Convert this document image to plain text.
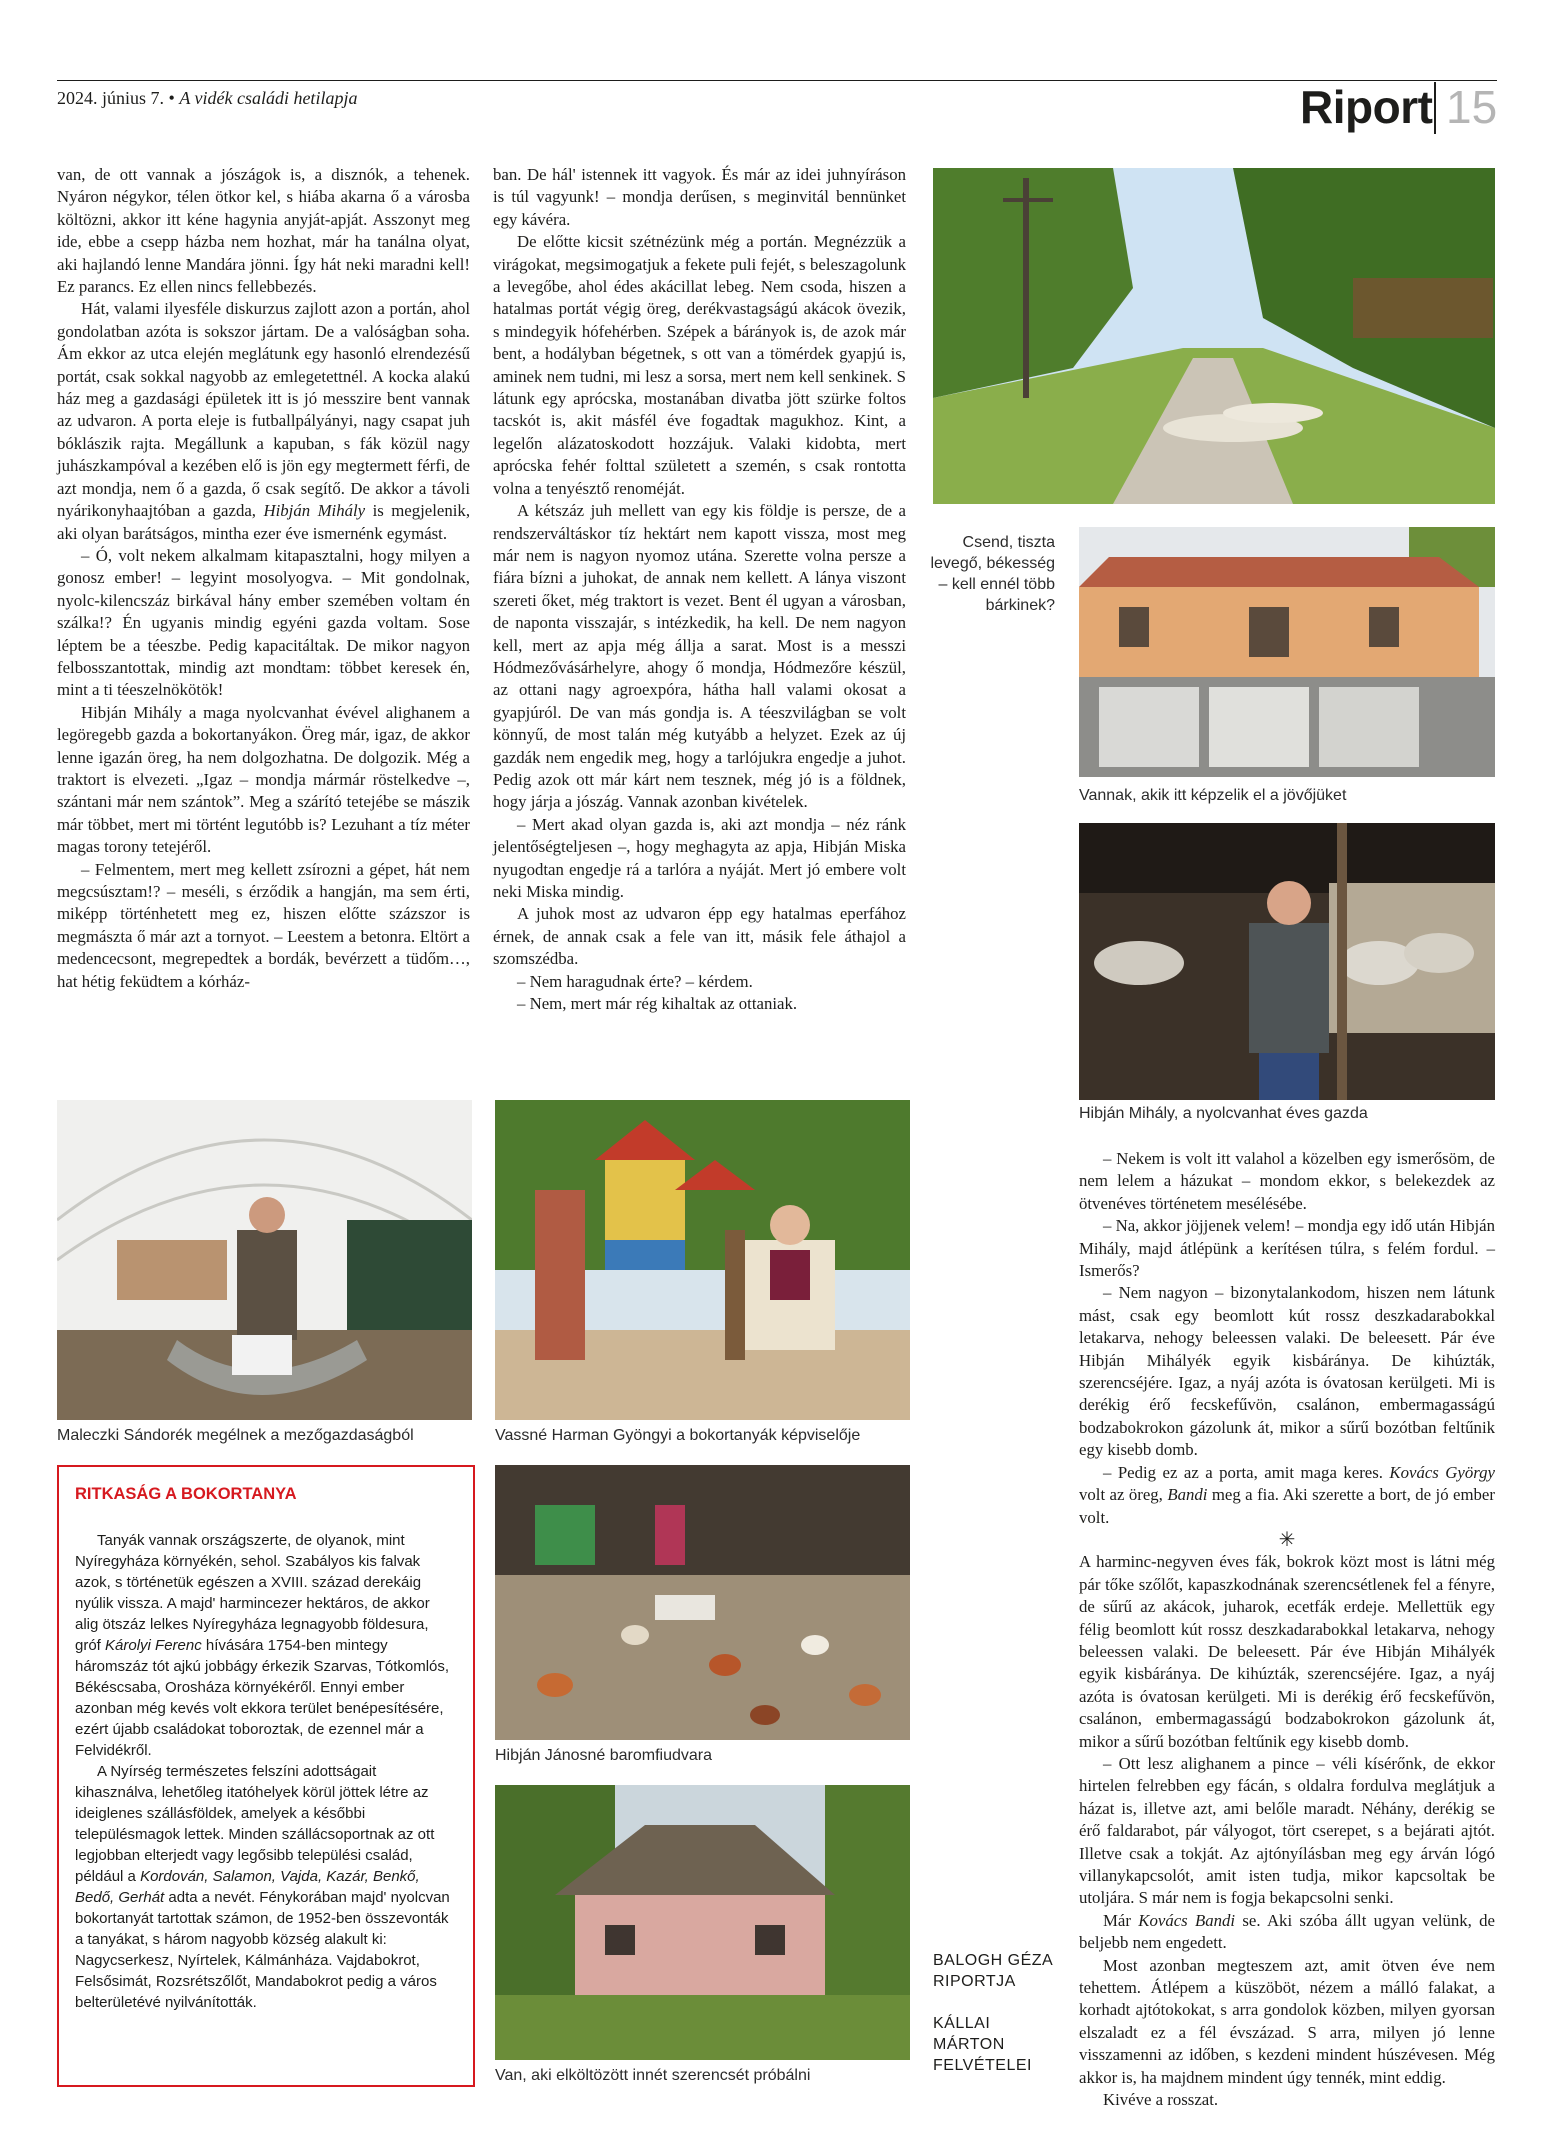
2024. június 7. • A vidék családi hetilapja	Riport 15

van, de ott vannak a jószágok is, a disznók, a tehenek. Nyáron négykor, télen ötkor kel, s hiába akarna ő a városba költözni, akkor itt kéne hagynia anyját-apját. Asszonyt meg ide, ebbe a csepp házba nem hozhat, már ha tanálna olyat, aki hajlandó lenne Mandára jönni. Így hát neki maradni kell! Ez parancs. Ez ellen nincs fellebbezés.

Hát, valami ilyesféle diskurzus zajlott azon a portán, ahol gondolatban azóta is sokszor jártam. De a valóságban soha. Ám ekkor az utca elején meglátunk egy hasonló elrendezésű portát, csak sokkal nagyobb az emlegetettnél. A kocka alakú ház meg a gazdasági épületek itt is jó messzire bent vannak az udvaron. A porta eleje is futballpályányi, nagy csapat juh bóklászik rajta. Megállunk a kapuban, s fák közül nagy juhászkampóval a kezében elő is jön egy megtermett férfi, de azt mondja, nem ő a gazda, ő csak segítő. De akkor a távoli nyárikonyhaajtóban a gazda, Hibján Mihály is megjelenik, aki olyan barátságos, mintha ezer éve ismernénk egymást.

– Ó, volt nekem alkalmam kitapasztalni, hogy milyen a gonosz ember! – legyint mosolyogva. – Mit gondolnak, nyolc-kilencszáz birkával hány ember szemében voltam én szálka!? Én ugyanis mindig egyéni gazda voltam. Sose léptem be a téeszbe. Pedig kapacitáltak. De mikor nagyon felbosszantottak, mindig azt mondtam: többet keresek én, mint a ti téeszelnökötök!

Hibján Mihály a maga nyolcvanhat évével alighanem a legöregebb gazda a bokortanyákon. Öreg már, igaz, de akkor lenne igazán öreg, ha nem dolgozhatna. De dolgozik. Még a traktort is elvezeti. „Igaz – mondja mármár röstelkedve –, szántani már nem szántok”. Meg a szárító tetejébe se mászik már többet, mert mi történt legutóbb is? Lezuhant a tíz méter magas torony tetejéről.

– Felmentem, mert meg kellett zsírozni a gépet, hát nem megcsúsztam!? – meséli, s érződik a hangján, ma sem érti, miképp történhetett meg ez, hiszen előtte százszor is megmászta ő már azt a tornyot. – Leestem a betonra. Eltört a medencecsont, megrepedtek a bordák, bevérzett a tüdőm…, hat hétig feküdtem a kórház-

ban. De hál' istennek itt vagyok. És már az idei juhnyíráson is túl vagyunk! – mondja derűsen, s meginvitál bennünket egy kávéra.

De előtte kicsit szétnézünk még a portán. Megnézzük a virágokat, megsimogatjuk a fekete puli fejét, s beleszagolunk a levegőbe, ahol édes akácillat lebeg. Nem csoda, hiszen a hatalmas portát végig öreg, derékvastagságú akácok övezik, s mindegyik hófehérben. Szépek a bárányok is, de azok már bent, a hodályban bégetnek, s ott van a tömérdek gyapjú is, aminek nem tudni, mi lesz a sorsa, mert nem kell senkinek. S látunk egy aprócska, mostanában divatba jött szürke foltos tacskót is, akit másfél éve fogadtak magukhoz. Kint, a legelőn alázatoskodott hozzájuk. Valaki kidobta, mert aprócska fehér folttal született a szemén, s csak rontotta volna a tenyésztő renoméját.

A kétszáz juh mellett van egy kis földje is persze, de a rendszerváltáskor tíz hektárt nem kapott vissza, most meg már nem is nagyon nyomoz utána. Szerette volna persze a fiára bízni a juhokat, de annak nem kellett. A lánya viszont szereti őket, még traktort is vezet. Bent él ugyan a városban, de naponta visszajár, s intézkedik, ha kell. De nem nagyon kell, mert az apja még állja a sarat. Most is a messzi Hódmezővásárhelyre, ahogy ő mondja, Hódmezőre készül, az ottani nagy agroexpóra, hátha hall valami okosat a gyapjúról. De van más gondja is. A téeszvilágban se volt könnyű, de most talán még kutyább a helyzet. Ezek az új gazdák nem engedik meg, hogy a tarlójukra engedje a juhot. Pedig azok ott már kárt nem tesznek, még jó is a földnek, hogy járja a jószág. Vannak azonban kivételek.

– Mert akad olyan gazda is, aki azt mondja – néz ránk jelentőségteljesen –, hogy meghagyta az apja, Hibján Miska nyugodtan engedje rá a tarlóra a nyáját. Mert jó embere volt neki Miska mindig.

A juhok most az udvaron épp egy hatalmas eperfához érnek, de annak csak a fele van itt, másik fele áthajol a szomszédba.

– Nem haragudnak érte? – kérdem.

– Nem, mert már rég kihaltak az ottaniak.

Csend, tiszta levegő, békesség – kell ennél több bárkinek?
Vannak, akik itt képzelik el a jövőjüket
Hibján Mihály, a nyolcvanhat éves gazda
Maleczki Sándorék megélnek a mezőgazdaságból	Vassné Harman Gyöngyi a bokortanyák képviselője
RITKASÁG A BOKORTANYA

Tanyák vannak országszerte, de olyanok, mint Nyíregyháza környékén, sehol. Szabályos kis falvak azok, s történetük egészen a XVIII. század derekáig nyúlik vissza. A majd' harmincezer hektáros, de akkor alig ötszáz lelkes Nyíregyháza legnagyobb földesura, gróf Károlyi Ferenc hívására 1754-ben mintegy háromszáz tót ajkú jobbágy érkezik Szarvas, Tótkomlós, Békéscsaba, Orosháza környékéről. Ennyi ember azonban még kevés volt ekkora terület benépesítésére, ezért újabb családokat toboroztak, de ezennel már a Felvidékről.

A Nyírség természetes felszíni adottságait kihasználva, lehetőleg itatóhelyek körül jöttek létre az ideiglenes szállásföldek, amelyek a későbbi településmagok lettek. Minden szállácsoportnak az ott legjobban elterjedt vagy legősibb települési család, például a Kordován, Salamon, Vajda, Kazár, Benkő, Bedő, Gerhát adta a nevét. Fénykorában majd' nyolcvan bokortanyát tartottak számon, de 1952-ben összevonták a tanyákat, s három nagyobb község alakult ki: Nagycserkesz, Nyírtelek, Kálmánháza. Vajdabokrot, Felsősimát, Rozsrétszőlőt, Mandabokrot pedig a város belterületévé nyilvánították.

Hibján Jánosné baromfiudvara
Van, aki elköltözött innét szerencsét próbálni
BALOGH GÉZA
RIPORTJA
KÁLLAI
MÁRTON
FELVÉTELEI

– Nekem is volt itt valahol a közelben egy ismerősöm, de nem lelem a házukat – mondom ekkor, s belekezdek az ötvenéves történetem mesélésébe.

– Na, akkor jöjjenek velem! – mondja egy idő után Hibján Mihály, majd átlépünk a kerítésen túlra, s felém fordul. – Ismerős?

– Nem nagyon – bizonytalankodom, hiszen nem látunk mást, csak egy beomlott kút rossz deszkadarabokkal letakarva, nehogy beleessen valaki. De beleesett. Pár éve Hibján Mihályék egyik kisbáránya. De kihúzták, szerencséjére. Igaz, a nyáj azóta is óvatosan kerülgeti. Mi is derékig érő fecskefűvön, csalánon, embermagasságú bodzabokrokon gázolunk át, mikor a sűrű bozótban feltűnik egy kisebb domb.

– Pedig ez az a porta, amit maga keres. Kovács György volt az öreg, Bandi meg a fia. Aki szerette a bort, de jó ember volt.

✳

A harminc-negyven éves fák, bokrok közt most is látni még pár tőke szőlőt, kapaszkodnának szerencsétlenek fel a fényre, de sűrű az akácok, juharok, ecetfák erdeje. Mellettük egy félig beomlott kút rossz deszkadarabokkal letakarva, nehogy beleessen valaki. De beleesett. Pár éve Hibján Mihályék egyik kisbáránya. De kihúzták, szerencséjére. Igaz, a nyáj azóta is óvatosan kerülgeti. Mi is derékig érő fecskefűvön, csalánon, embermagasságú bodzabokrokon gázolunk át, mikor a sűrű bozótban feltűnik egy kisebb domb.

– Ott lesz alighanem a pince – véli kísérőnk, de ekkor hirtelen felrebben egy fácán, s oldalra fordulva meglátjuk a házat is, illetve azt, ami belőle maradt. Néhány, derékig se érő faldarabot, pár vályogot, tört cserepet, s a bejárati ajtót. Illetve csak a tokját. Az ajtónyílásban meg egy árván lógó villanykapcsolót, amit isten tudja, mikor kapcsoltak be utoljára. S már nem is fogja bekapcsolni senki.

Már Kovács Bandi se. Aki szóba állt ugyan velünk, de beljebb nem engedett.

Most azonban megteszem azt, amit ötven éve nem tehettem. Átlépem a küszöböt, nézem a málló falakat, a korhadt ajtótokokat, s arra gondolok közben, milyen gyorsan elszaladt ez a fél évszázad. S arra, milyen jó lenne visszamenni az időben, s kezdeni mindent húszévesen. Még akkor is, ha majdnem mindent úgy tennék, mint eddig.

Kivéve a rosszat.
